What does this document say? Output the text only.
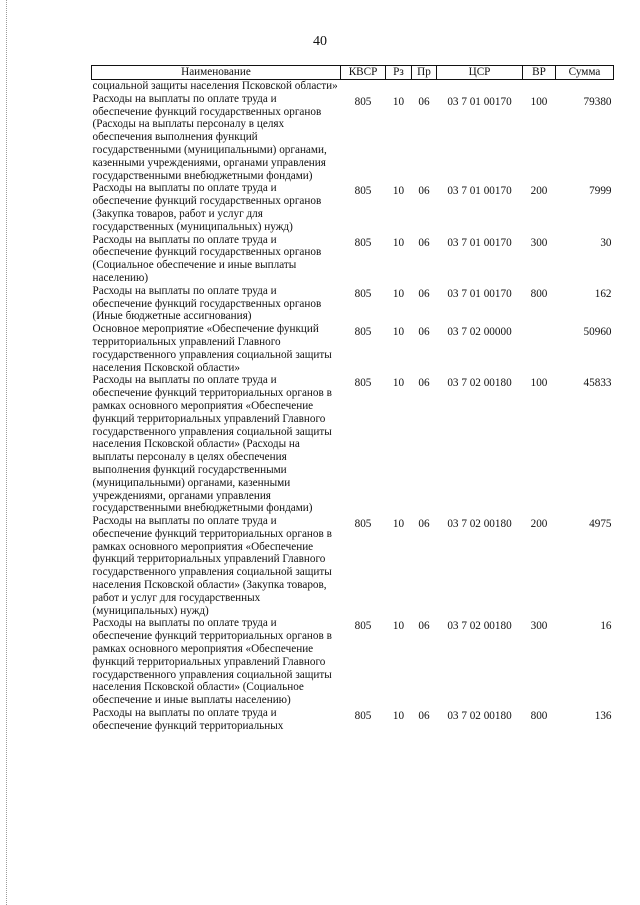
40
Наименование	КВСР	Рз	Пр	ЦСР	ВР	Сумма
социальной защиты населения Псковской области»						
Расходы на выплаты по оплате труда и обеспечение функций государственных органов (Расходы на выплаты персоналу в целях обеспечения выполнения функций государственными (муниципальными) органами, казенными учреждениями, органами управления государственными внебюджетными фондами)	805	10	06	03 7 01 00170	100	79380
Расходы на выплаты по оплате труда и обеспечение функций государственных органов (Закупка товаров, работ и услуг для государственных (муниципальных) нужд)	805	10	06	03 7 01 00170	200	7999
Расходы на выплаты по оплате труда и обеспечение функций государственных органов (Социальное обеспечение и иные выплаты населению)	805	10	06	03 7 01 00170	300	30
Расходы на выплаты по оплате труда и обеспечение функций государственных органов (Иные бюджетные ассигнования)	805	10	06	03 7 01 00170	800	162
Основное мероприятие «Обеспечение функций территориальных управлений Главного государственного управления социальной защиты населения Псковской области»	805	10	06	03 7 02 00000		50960
Расходы на выплаты по оплате труда и обеспечение функций территориальных органов в рамках основного мероприятия «Обеспечение функций территориальных управлений Главного государственного управления социальной защиты населения Псковской области» (Расходы на выплаты персоналу в целях обеспечения выполнения функций государственными (муниципальными) органами, казенными учреждениями, органами управления государственными внебюджетными фондами)	805	10	06	03 7 02 00180	100	45833
Расходы на выплаты по оплате труда и обеспечение функций территориальных органов в рамках основного мероприятия «Обеспечение функций территориальных управлений Главного государственного управления социальной защиты населения Псковской области» (Закупка товаров, работ и услуг для государственных (муниципальных) нужд)	805	10	06	03 7 02 00180	200	4975
Расходы на выплаты по оплате труда и обеспечение функций территориальных органов в рамках основного мероприятия «Обеспечение функций территориальных управлений Главного государственного управления социальной защиты населения Псковской области» (Социальное обеспечение и иные выплаты населению)	805	10	06	03 7 02 00180	300	16
Расходы на выплаты по оплате труда и обеспечение функций территориальных	805	10	06	03 7 02 00180	800	136
